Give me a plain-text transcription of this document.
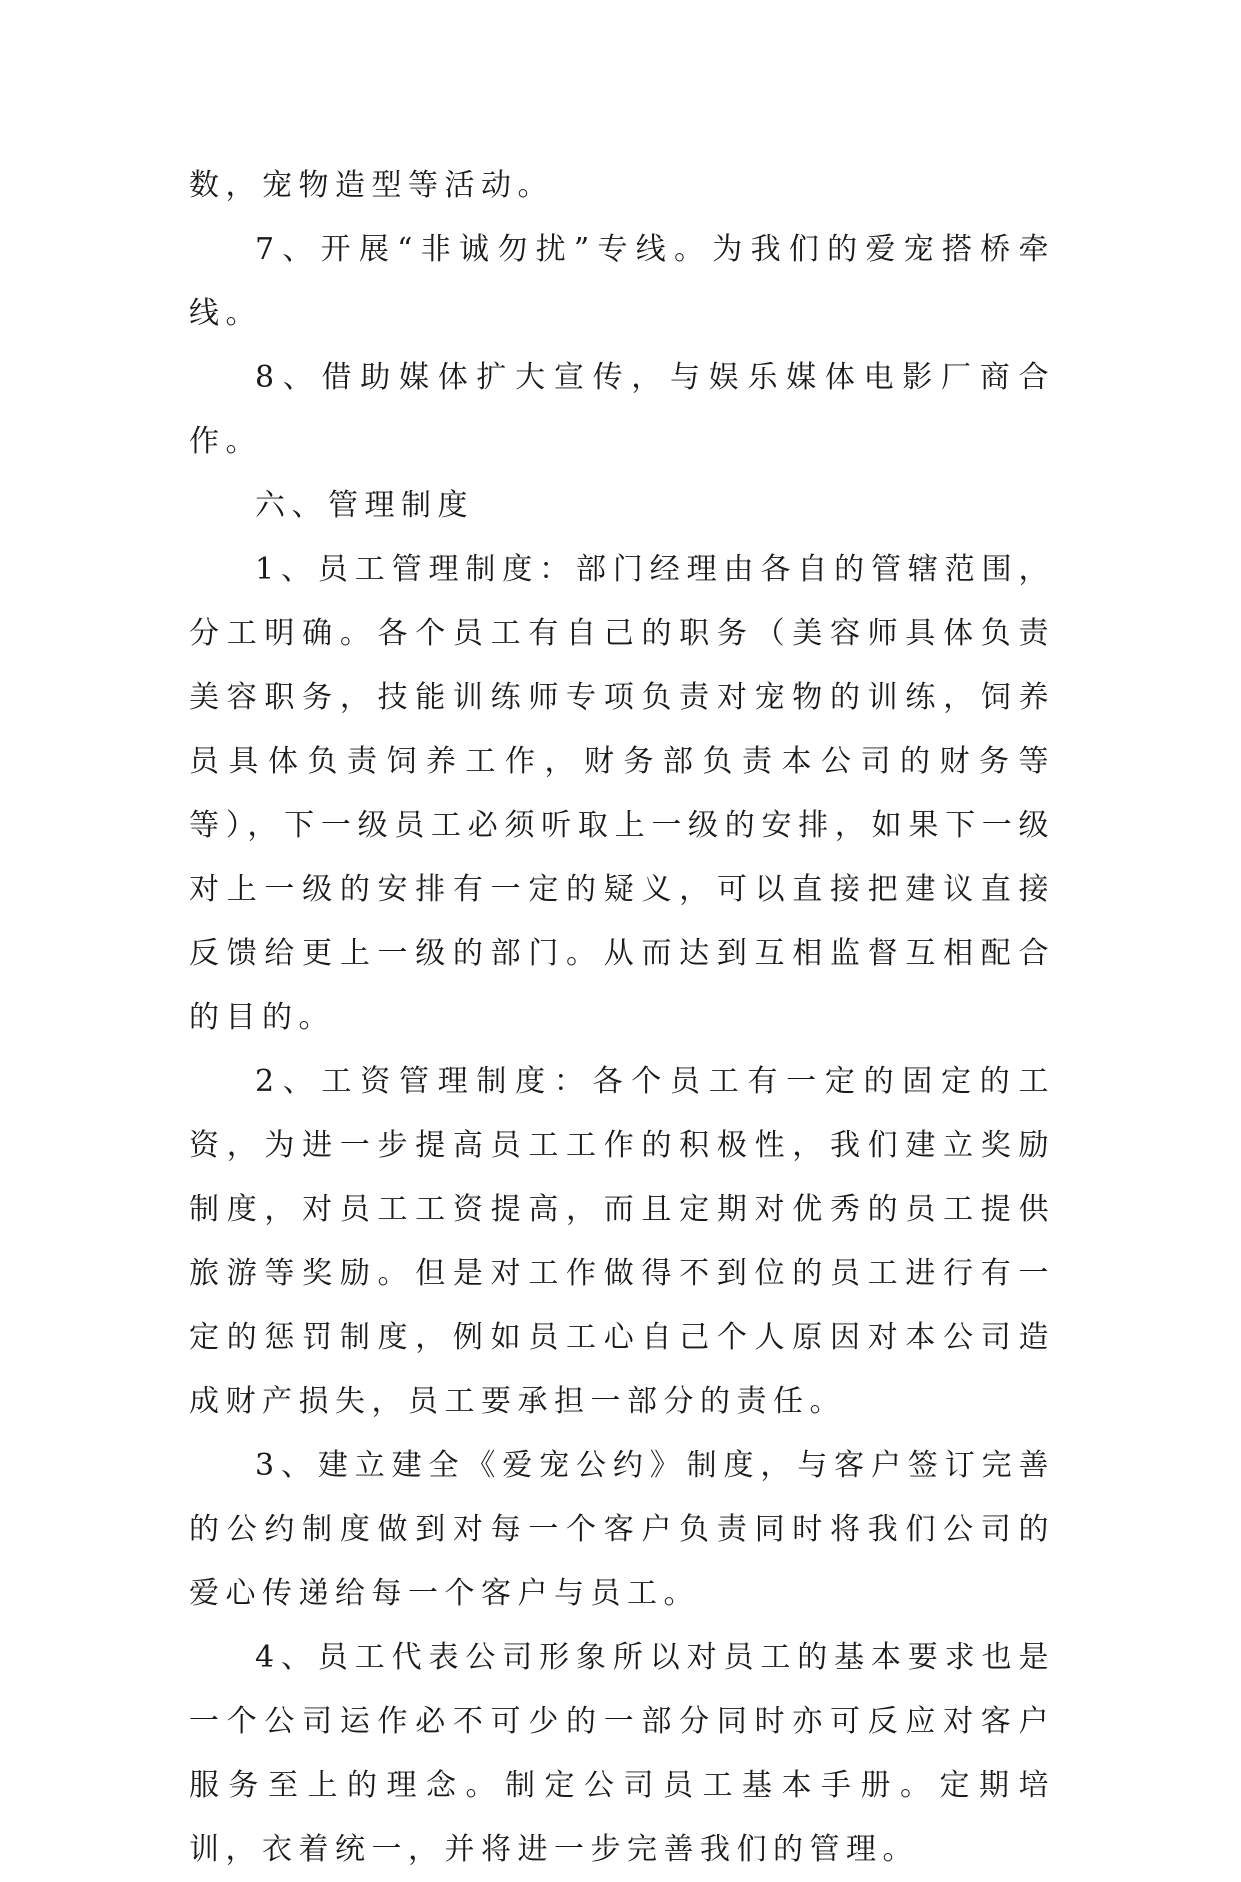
数，宠物造型等活动。

7、开展“非诚勿扰”专线。为我们的爱宠搭桥牵线。

8、借助媒体扩大宣传，与娱乐媒体电影厂商合作。

六、管理制度

1、员工管理制度：部门经理由各自的管辖范围，分工明确。各个员工有自己的职务（美容师具体负责美容职务，技能训练师专项负责对宠物的训练，饲养员具体负责饲养工作，财务部负责本公司的财务等等），下一级员工必须听取上一级的安排，如果下一级对上一级的安排有一定的疑义，可以直接把建议直接反馈给更上一级的部门。从而达到互相监督互相配合的目的。

2、工资管理制度：各个员工有一定的固定的工资，为进一步提高员工工作的积极性，我们建立奖励制度，对员工工资提高，而且定期对优秀的员工提供旅游等奖励。但是对工作做得不到位的员工进行有一定的惩罚制度，例如员工心自己个人原因对本公司造成财产损失，员工要承担一部分的责任。

3、建立建全《爱宠公约》制度，与客户签订完善的公约制度做到对每一个客户负责同时将我们公司的爱心传递给每一个客户与员工。

4、员工代表公司形象所以对员工的基本要求也是一个公司运作必不可少的一部分同时亦可反应对客户服务至上的理念。制定公司员工基本手册。定期培训，衣着统一，并将进一步完善我们的管理。
